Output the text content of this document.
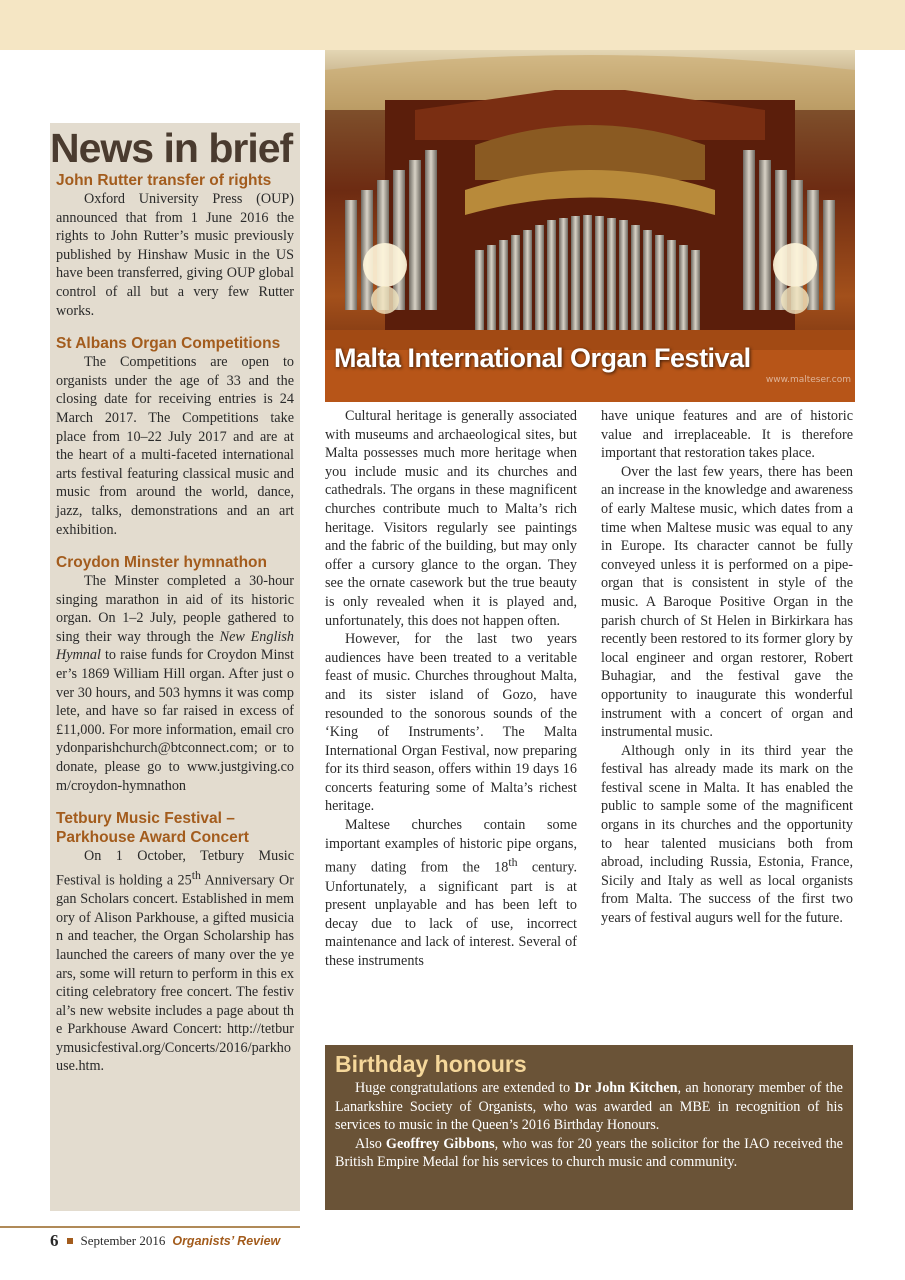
News in brief
John Rutter transfer of rights

Oxford University Press (OUP) announced that from 1 June 2016 the rights to John Rutter’s music previously published by Hinshaw Music in the US have been transferred, giving OUP global control of all but a very few Rutter works.

St Albans Organ Competitions

The Competitions are open to organists under the age of 33 and the closing date for receiving entries is 24 March 2017. The Competitions take place from 10–22 July 2017 and are at the heart of a multi-faceted international arts festival featuring classical music and music from around the world, dance, jazz, talks, demonstrations and an art exhibition.

Croydon Minster hymnathon

The Minster completed a 30-hour singing marathon in aid of its historic organ. On 1–2 July, people gathered to sing their way through the New English Hymnal to raise funds for Croydon Minster’s 1869 William Hill organ. After just over 30 hours, and 503 hymns it was complete, and have so far raised in excess of £11,000. For more information, email croydonparishchurch@btconnect.com; or to donate, please go to www.justgiving.com/croydon-hymnathon

Tetbury Music Festival –
Parkhouse Award Concert

On 1 October, Tetbury Music Festival is holding a 25th Anniversary Organ Scholars concert. Established in memory of Alison Parkhouse, a gifted musician and teacher, the Organ Scholarship has launched the careers of many over the years, some will return to perform in this exciting celebratory free concert. The festival’s new website includes a page about the Parkhouse Award Concert: http://tetburymusicfestival.org/Concerts/2016/parkhouse.htm.

Malta International Organ Festival
www.malteser.com

Cultural heritage is generally associated with museums and archaeological sites, but Malta possesses much more heritage when you include music and its churches and cathedrals. The organs in these magnificent churches contribute much to Malta’s rich heritage. Visitors regularly see paintings and the fabric of the building, but may only offer a cursory glance to the organ. They see the ornate casework but the true beauty is only revealed when it is played and, unfortunately, this does not happen often.

However, for the last two years audiences have been treated to a veritable feast of music. Churches throughout Malta, and its sister island of Gozo, have resounded to the sonorous sounds of the ‘King of Instruments’. The Malta International Organ Festival, now preparing for its third season, offers within 19 days 16 concerts featuring some of Malta’s richest heritage.

Maltese churches contain some important examples of historic pipe organs, many dating from the 18th century. Unfortunately, a significant part is at present unplayable and has been left to decay due to lack of use, incorrect maintenance and lack of interest. Several of these instruments

have unique features and are of historic value and irreplaceable. It is therefore important that restoration takes place.

Over the last few years, there has been an increase in the knowledge and awareness of early Maltese music, which dates from a time when Maltese music was equal to any in Europe. Its character cannot be fully conveyed unless it is performed on a pipe-organ that is consistent in style of the music. A Baroque Positive Organ in the parish church of St Helen in Birkirkara has recently been restored to its former glory by local engineer and organ restorer, Robert Buhagiar, and the festival gave the opportunity to inaugurate this wonderful instrument with a concert of organ and instrumental music.

Although only in its third year the festival has already made its mark on the festival scene in Malta. It has enabled the public to sample some of the magnificent organs in its churches and the opportunity to hear talented musicians both from abroad, including Russia, Estonia, France, Sicily and Italy as well as local organists from Malta. The success of the first two years of festival augurs well for the future.

Birthday honours

Huge congratulations are extended to Dr John Kitchen, an honorary member of the Lanarkshire Society of Organists, who was awarded an MBE in recognition of his services to music in the Queen’s 2016 Birthday Honours.

Also Geoffrey Gibbons, who was for 20 years the solicitor for the IAO received the British Empire Medal for his services to church music and community.

6 September 2016 Organists’ Review
